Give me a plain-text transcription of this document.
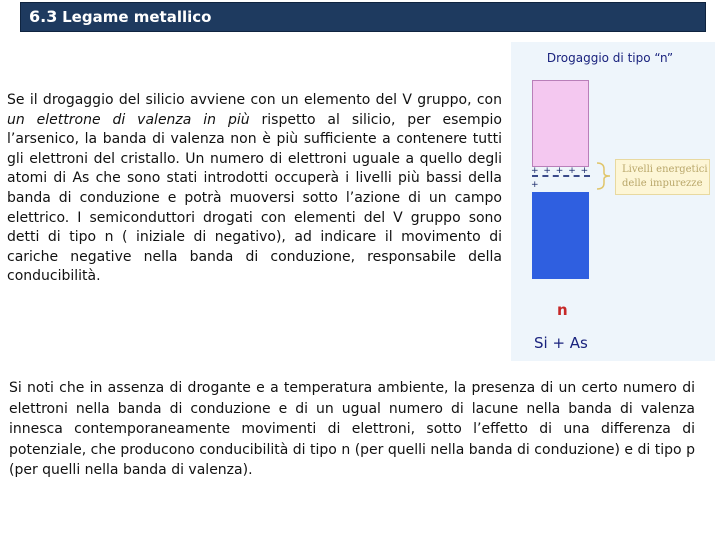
6.3 Legame metallico
Se il drogaggio del silicio avviene con un elemento del V gruppo, con un elettrone di valenza in più rispetto al silicio, per esempio l’arsenico, la banda di valenza non è più sufficiente a contenere tutti gli elettroni del cristallo. Un numero di elettroni uguale a quello degli atomi di As che sono stati introdotti occuperà i livelli più bassi della banda di conduzione e potrà muoversi sotto l’azione di un campo elettrico. I semiconduttori drogati con elementi del V gruppo sono detti di tipo n ( iniziale di negativo), ad indicare il movimento di cariche negative nella banda di conduzione, responsabile della conducibilità.
Drogaggio di tipo “n”
+ + + + + +
Livelli energetici delle impurezze
n
Si + As
Si noti che in assenza di drogante e a temperatura ambiente, la presenza di un certo numero di elettroni nella banda di conduzione e di un ugual numero di lacune nella banda di valenza innesca contemporaneamente movimenti di elettroni, sotto l’effetto di una differenza di potenziale, che producono conducibilità di tipo n (per quelli nella banda di conduzione) e di tipo p (per quelli nella banda di valenza).
